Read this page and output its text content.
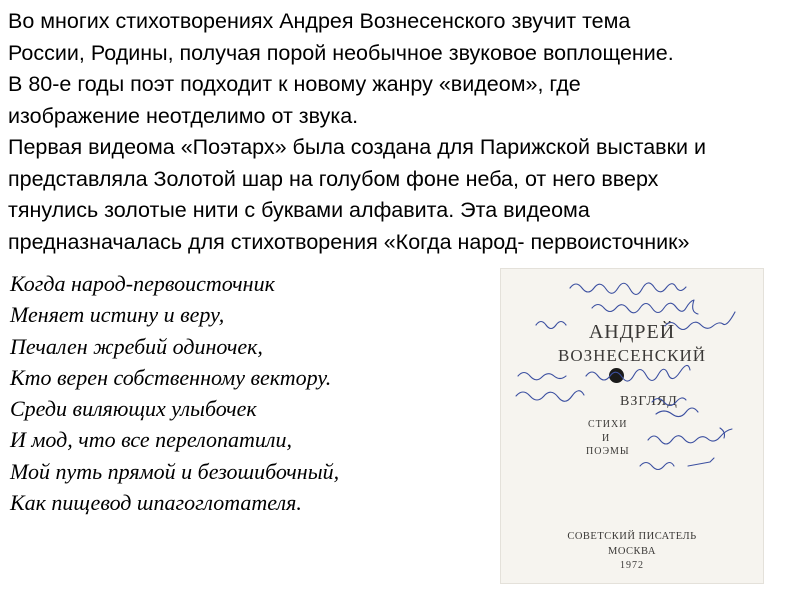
Во многих стихотворениях Андрея Вознесенского звучит тема
России, Родины, получая порой необычное звуковое воплощение.
В 80-е годы поэт подходит к новому жанру «видеом», где
изображение неотделимо от звука.
Первая видеома «Поэтарх» была создана для Парижской выставки и
представляла Золотой шар на голубом фоне неба, от него вверх
тянулись золотые нити с буквами алфавита. Эта видеома
предназначалась для стихотворения «Когда народ- первоисточник»
Когда народ-первоисточник
Меняет истину и веру,
Печален жребий одиночек,
Кто верен собственному вектору.
Среди виляющих улыбочек
И мод, что все перелопатили,
Мой путь прямой и безошибочный,
Как пищевод шпагоглотателя.
АНДРЕЙ
ВОЗНЕСЕНСКИЙ
ВЗГЛЯД
СТИХИ
И
ПОЭМЫ
СОВЕТСКИЙ ПИСАТЕЛЬ
МОСКВА
1972
